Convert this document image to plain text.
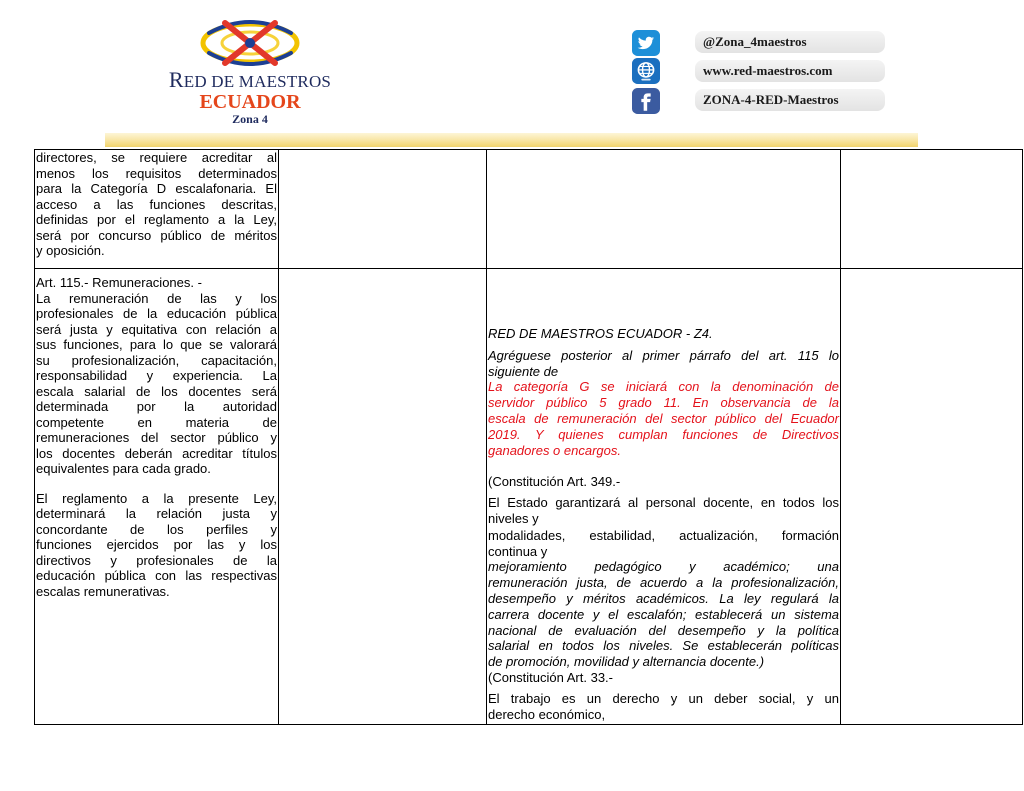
RED DE MAESTROS
ECUADOR
Zona 4
@Zona_4maestros
www.red-maestros.com
ZONA-4-RED-Maestros
directores, se requiere acreditar al
menos los requisitos determinados
para la Categoría D escalafonaria. El
acceso a las funciones descritas,
definidas por el reglamento a la Ley,
será por concurso público de méritos
y oposición.
Art. 115.- Remuneraciones. -
La remuneración de las y los
profesionales de la educación pública
será justa y equitativa con relación a
sus funciones, para lo que se valorará
su profesionalización, capacitación,
responsabilidad y experiencia. La
escala salarial de los docentes será
determinada por la autoridad
competente en materia de
remuneraciones del sector público y
los docentes deberán acreditar títulos
equivalentes para cada grado.
El reglamento a la presente Ley,
determinará la relación justa y
concordante de los perfiles y
funciones ejercidos por las y los
directivos y profesionales de la
educación pública con las respectivas
escalas remunerativas.
RED DE MAESTROS ECUADOR - Z4.
Agréguese posterior al primer párrafo del art. 115 lo
siguiente de
La categoría G se iniciará con la denominación de
servidor público 5 grado 11. En observancia de la
escala de remuneración del sector público del Ecuador
2019. Y quienes cumplan funciones de Directivos
ganadores o encargos.
(Constitución Art. 349.-
El Estado garantizará al personal docente, en todos los
niveles y
modalidades, estabilidad, actualización, formación
continua y
mejoramiento pedagógico y académico; una
remuneración justa, de acuerdo a la profesionalización,
desempeño y méritos académicos. La ley regulará la
carrera docente y el escalafón; establecerá un sistema
nacional de evaluación del desempeño y la política
salarial en todos los niveles. Se establecerán políticas
de promoción, movilidad y alternancia docente.)
(Constitución Art. 33.-
El trabajo es un derecho y un deber social, y un
derecho económico,
